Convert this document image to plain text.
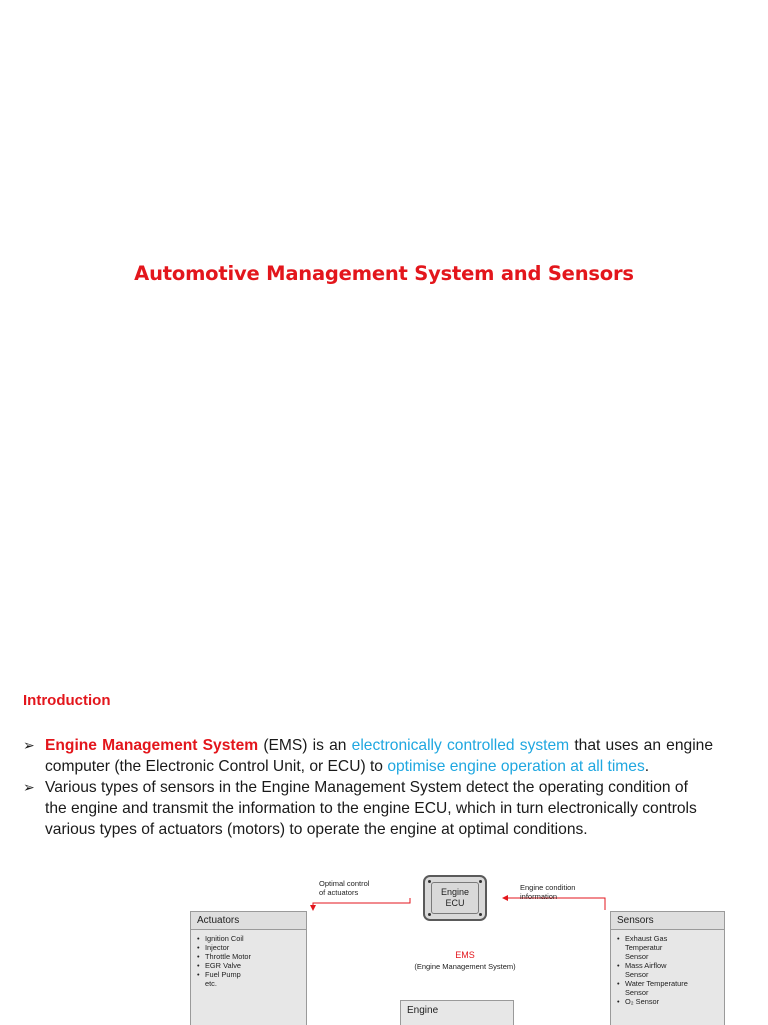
Automotive Management System and Sensors
Introduction
➢ Engine Management System (EMS) is an electronically controlled system that uses an engine computer (the Electronic Control Unit, or ECU) to optimise engine operation at all times.
➢ Various types of sensors in the Engine Management System detect the operating condition of the engine and transmit the information to the engine ECU, which in turn electronically controls various types of actuators (motors) to operate the engine at optimal conditions.
Engine
ECU
Optimal control
of actuators
Engine condition
information
Actuators
• Ignition Coil
• Injector
• Throttle Motor
• EGR Valve
• Fuel Pump
etc.
Sensors
• Exhaust Gas
Temperatur
Sensor
• Mass Airflow
Sensor
• Water Temperature
Sensor
• O₂ Sensor
EMS
(Engine Management System)
Engine
